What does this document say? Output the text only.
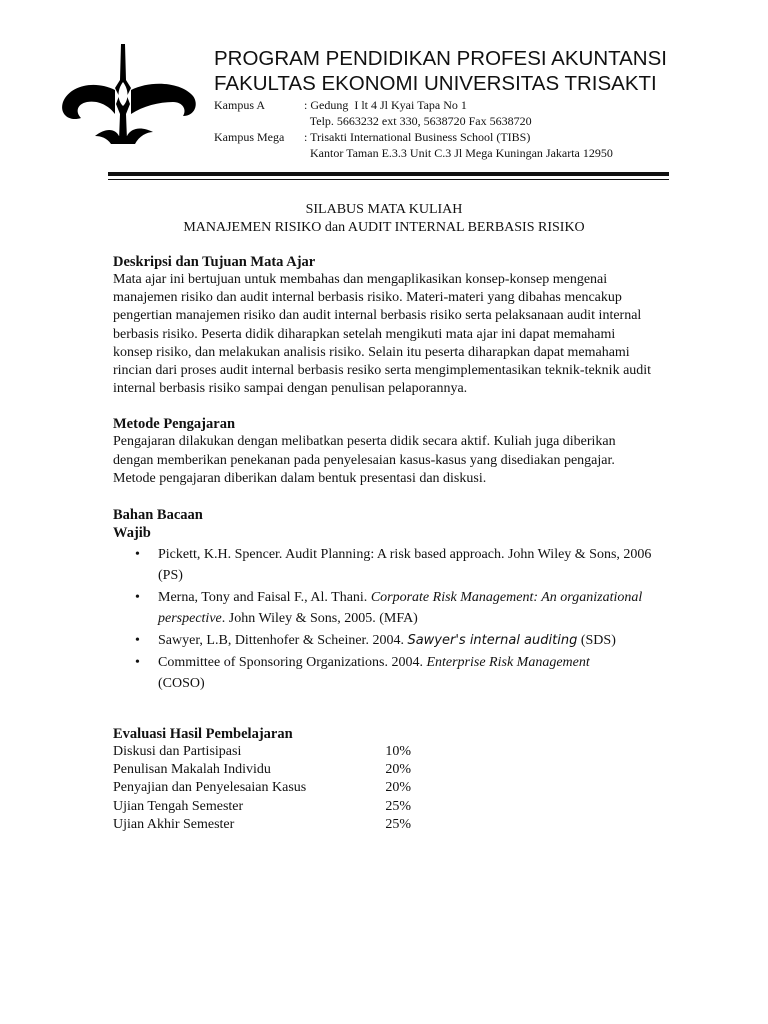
PROGRAM PENDIDIKAN PROFESI AKUNTANSI
FAKULTAS EKONOMI UNIVERSITAS TRISAKTI
Kampus A	: Gedung  I lt 4 Jl Kyai Tapa No 1
Telp. 5663232 ext 330, 5638720 Fax 5638720
Kampus Mega	: Trisakti International Business School (TIBS)
Kantor Taman E.3.3 Unit C.3 Jl Mega Kuningan Jakarta 12950
SILABUS MATA KULIAH
MANAJEMEN RISIKO dan AUDIT INTERNAL BERBASIS RISIKO
Deskripsi dan Tujuan Mata Ajar

Mata ajar ini bertujuan untuk membahas dan mengaplikasikan konsep-konsep mengenai manajemen risiko dan audit internal berbasis risiko. Materi-materi yang dibahas mencakup pengertian manajemen risiko dan audit internal berbasis risiko serta pelaksanaan audit internal berbasis risiko. Peserta didik diharapkan setelah mengikuti mata ajar ini dapat memahami konsep risiko, dan melakukan analisis risiko. Selain itu peserta diharapkan dapat memahami rincian dari proses audit internal berbasis resiko serta mengimplementasikan teknik-teknik audit internal berbasis risiko sampai dengan penulisan pelaporannya.

Metode Pengajaran

Pengajaran dilakukan dengan melibatkan peserta didik secara aktif. Kuliah juga diberikan dengan memberikan penekanan pada penyelesaian kasus-kasus yang disediakan pengajar. Metode pengajaran diberikan dalam bentuk presentasi dan diskusi.

Bahan Bacaan
Wajib
• Pickett, K.H. Spencer. Audit Planning: A risk based approach. John Wiley & Sons, 2006 (PS)
• Merna, Tony and Faisal F., Al. Thani. Corporate Risk Management: An organizational perspective. John Wiley & Sons, 2005. (MFA)
• Sawyer, L.B, Dittenhofer & Scheiner. 2004. Sawyer's internal auditing (SDS)
• Committee of Sponsoring Organizations. 2004. Enterprise Risk Management
(COSO)
Evaluasi Hasil Pembelajaran
Diskusi dan Partisipasi	10%
Penulisan Makalah Individu	20%
Penyajian dan Penyelesaian Kasus	20%
Ujian Tengah Semester	25%
Ujian Akhir Semester	25%
